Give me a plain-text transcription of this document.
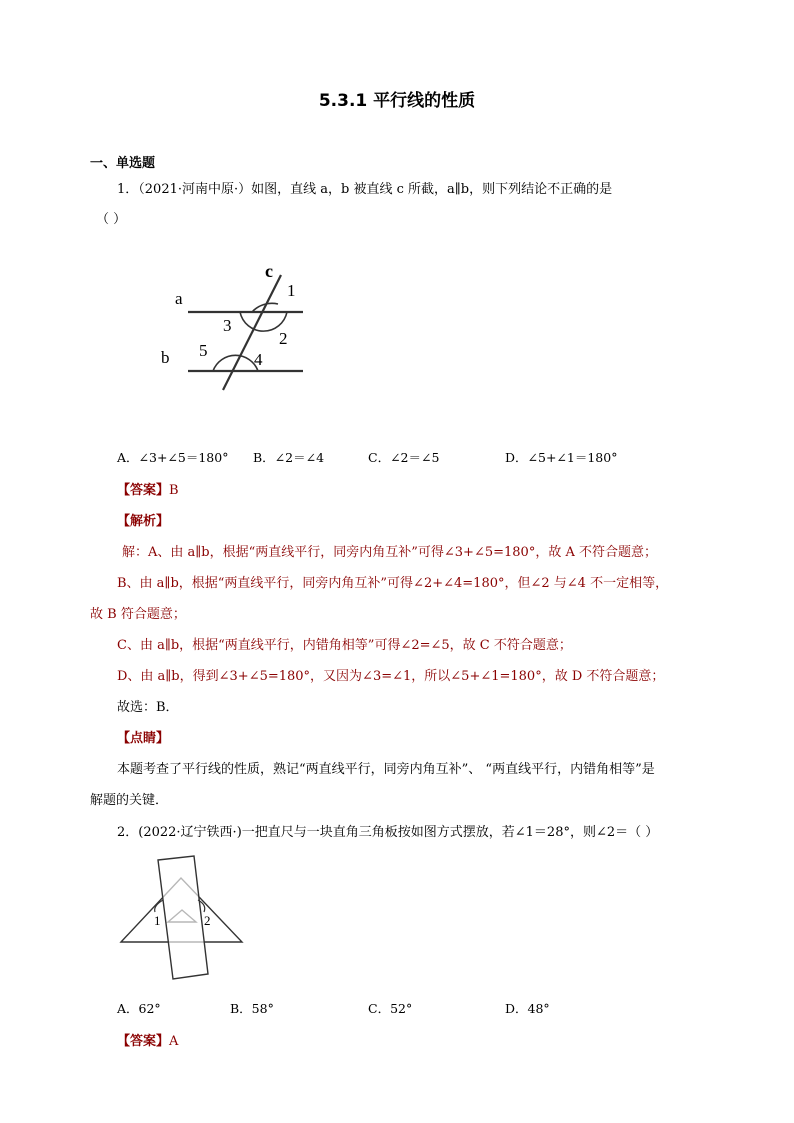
5.3.1 平行线的性质
一、单选题
1．（2021·河南中原·）如图，直线 a，b 被直线 c 所截，a∥b，则下列结论不正确的是
（ ）
a
b
c
1
2
3
4
5
A．∠3+∠5＝180° B．∠2＝∠4	C．∠2＝∠5	D．∠5+∠1＝180°
【答案】B
【解析】
解：A、由 a∥b，根据“两直线平行，同旁内角互补”可得∠3+∠5=180°，故 A 不符合题意；
B、由 a∥b，根据“两直线平行，同旁内角互补”可得∠2+∠4=180°，但∠2 与∠4 不一定相等，
故 B 符合题意；
C、由 a∥b，根据“两直线平行，内错角相等”可得∠2=∠5，故 C 不符合题意；
D、由 a∥b，得到∠3+∠5=180°，又因为∠3=∠1，所以∠5+∠1=180°，故 D 不符合题意；
故选：B．
【点睛】
本题考查了平行线的性质，熟记“两直线平行，同旁内角互补”、 “两直线平行，内错角相等”是
解题的关键．
2．(2022·辽宁铁西·)一把直尺与一块直角三角板按如图方式摆放，若∠1＝28°，则∠2＝（ ）
1	2
A．62°	B．58°	C．52°	D．48°
【答案】A
